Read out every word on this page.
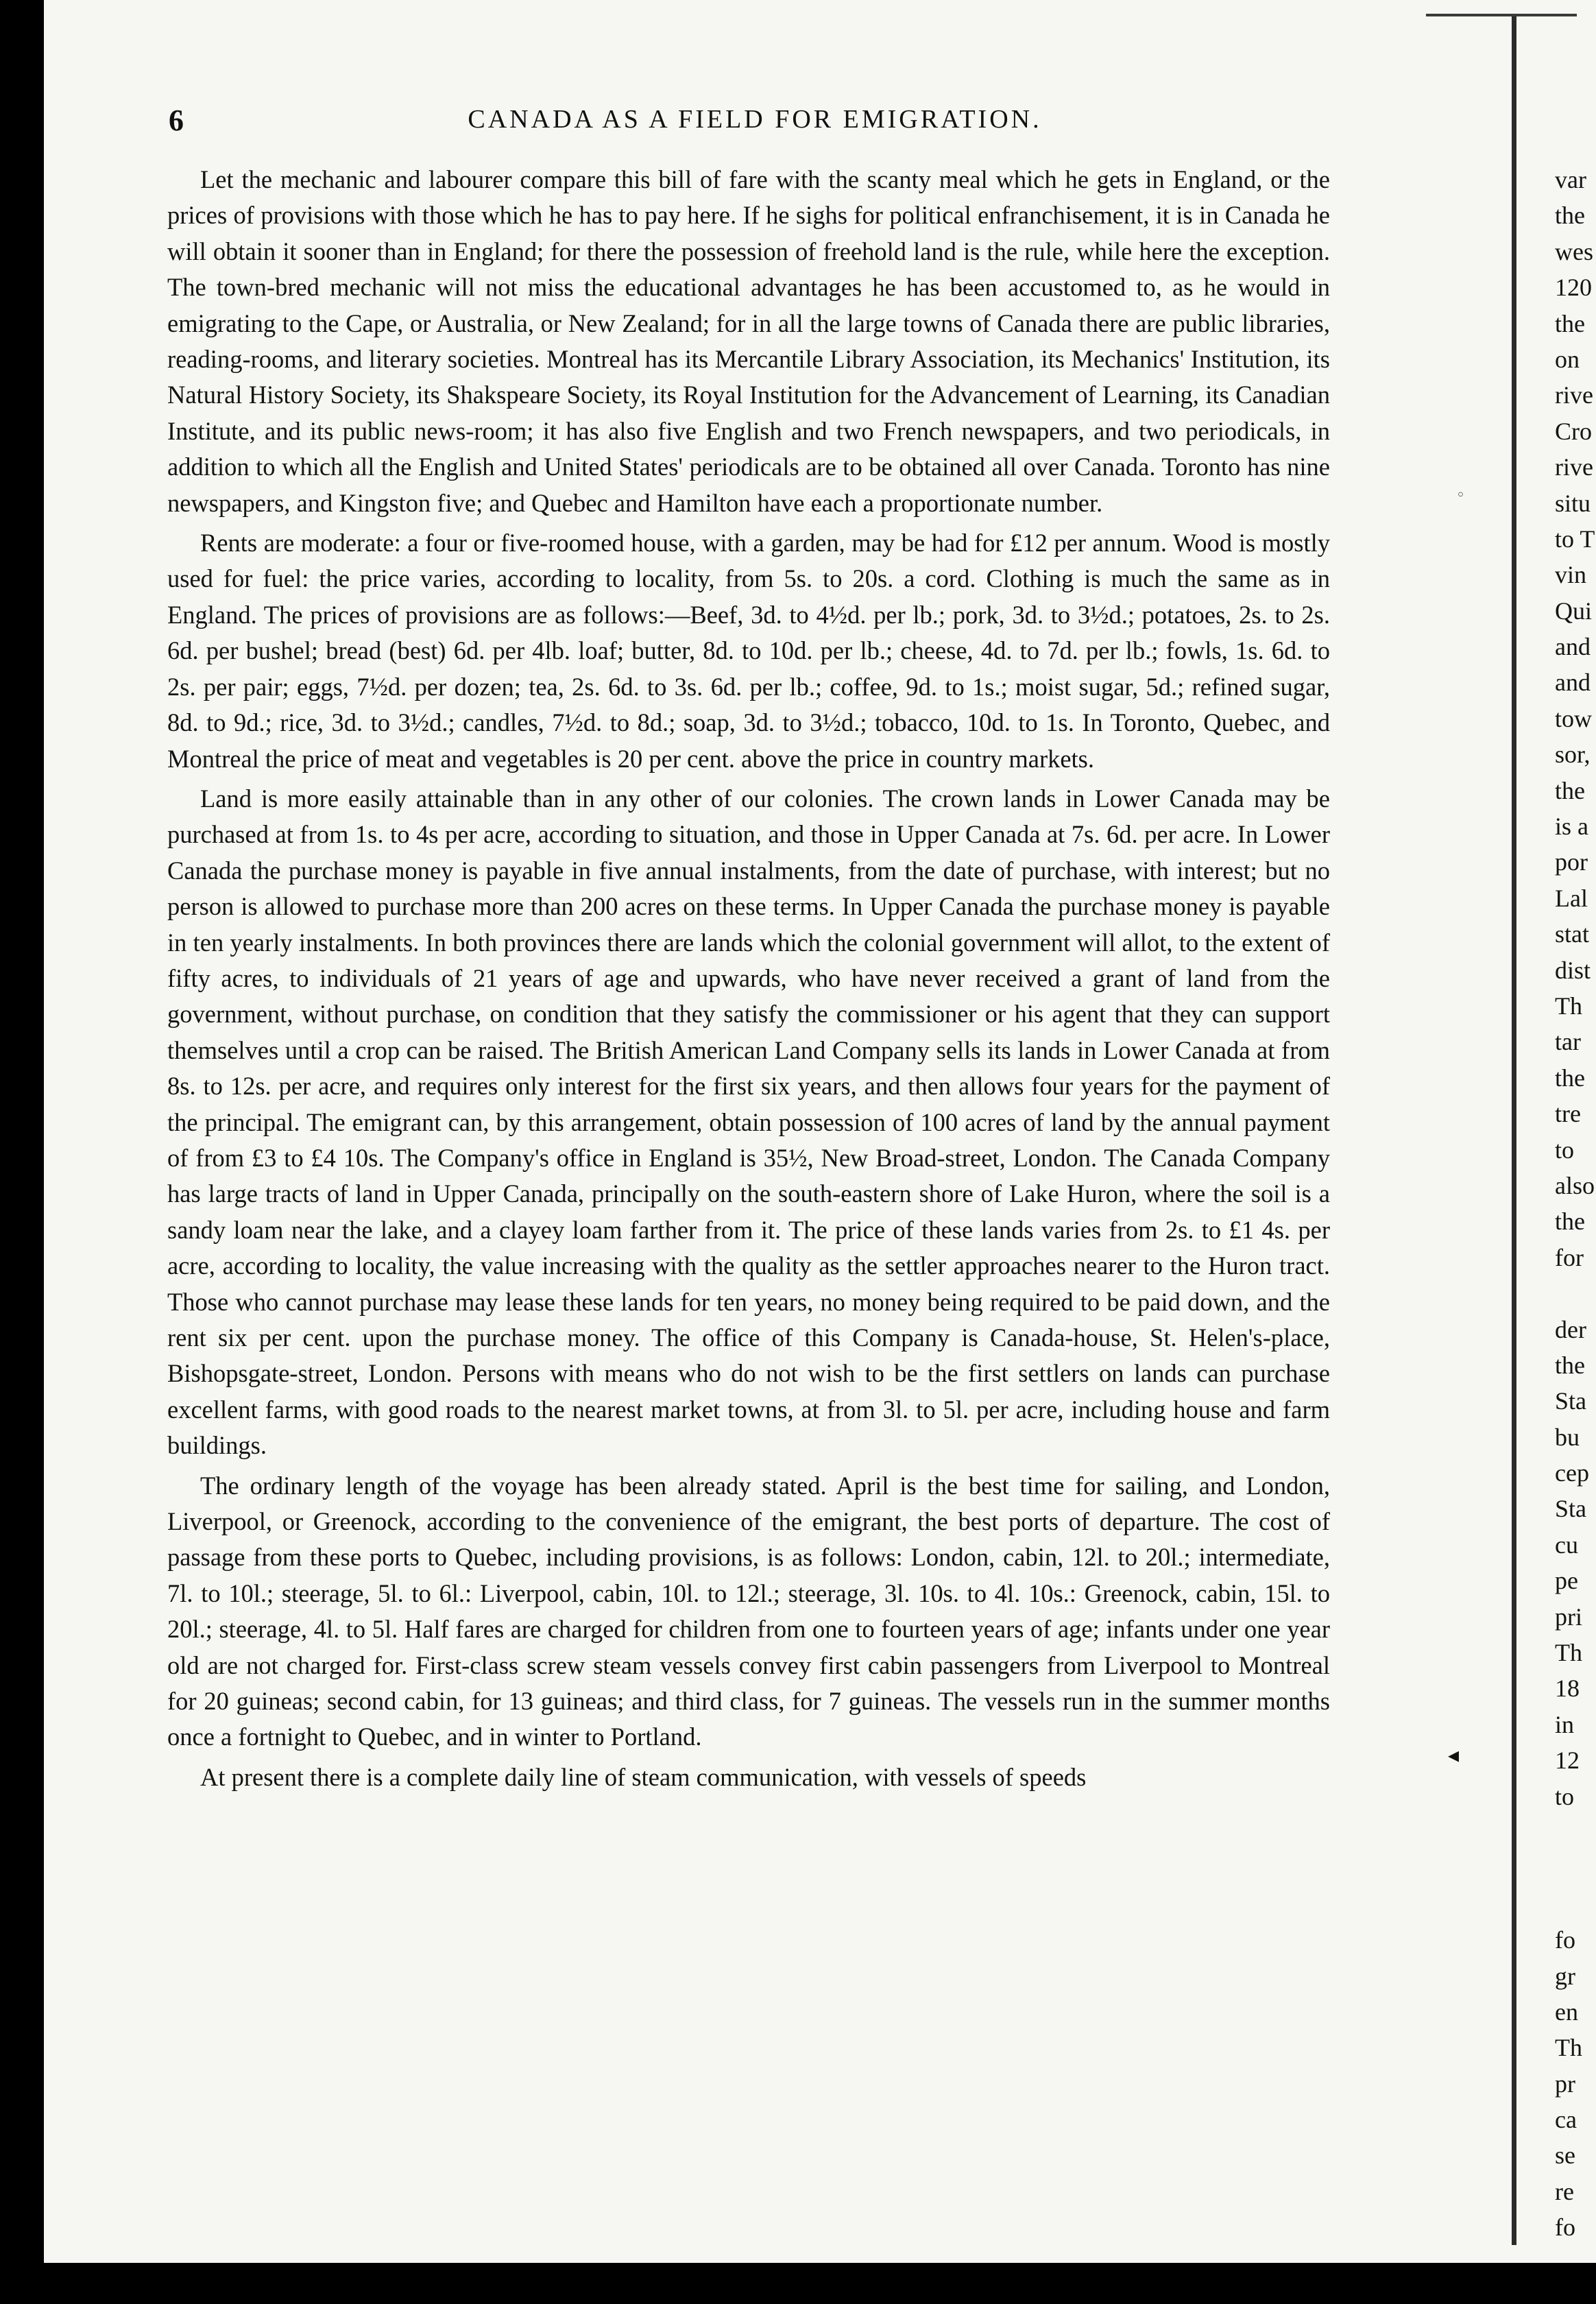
6	CANADA AS A FIELD FOR EMIGRATION.

Let the mechanic and labourer compare this bill of fare with the scanty meal which he gets in England, or the prices of provisions with those which he has to pay here. If he sighs for political enfranchisement, it is in Canada he will obtain it sooner than in England; for there the possession of freehold land is the rule, while here the exception. The town-bred mechanic will not miss the educational advantages he has been accustomed to, as he would in emigrating to the Cape, or Australia, or New Zealand; for in all the large towns of Canada there are public libraries, reading-rooms, and literary societies. Montreal has its Mercantile Library Association, its Mechanics' Institution, its Natural History Society, its Shakspeare Society, its Royal Institution for the Advancement of Learning, its Canadian Institute, and its public news-room; it has also five English and two French newspapers, and two periodicals, in addition to which all the English and United States' periodicals are to be obtained all over Canada. Toronto has nine newspapers, and Kingston five; and Quebec and Hamilton have each a proportionate number.

Rents are moderate: a four or five-roomed house, with a garden, may be had for £12 per annum. Wood is mostly used for fuel: the price varies, according to locality, from 5s. to 20s. a cord. Clothing is much the same as in England. The prices of provisions are as follows:—Beef, 3d. to 4½d. per lb.; pork, 3d. to 3½d.; potatoes, 2s. to 2s. 6d. per bushel; bread (best) 6d. per 4lb. loaf; butter, 8d. to 10d. per lb.; cheese, 4d. to 7d. per lb.; fowls, 1s. 6d. to 2s. per pair; eggs, 7½d. per dozen; tea, 2s. 6d. to 3s. 6d. per lb.; coffee, 9d. to 1s.; moist sugar, 5d.; refined sugar, 8d. to 9d.; rice, 3d. to 3½d.; candles, 7½d. to 8d.; soap, 3d. to 3½d.; tobacco, 10d. to 1s. In Toronto, Quebec, and Montreal the price of meat and vegetables is 20 per cent. above the price in country markets.

Land is more easily attainable than in any other of our colonies. The crown lands in Lower Canada may be purchased at from 1s. to 4s per acre, according to situation, and those in Upper Canada at 7s. 6d. per acre. In Lower Canada the purchase money is payable in five annual instalments, from the date of purchase, with interest; but no person is allowed to purchase more than 200 acres on these terms. In Upper Canada the purchase money is payable in ten yearly instalments. In both provinces there are lands which the colonial government will allot, to the extent of fifty acres, to individuals of 21 years of age and upwards, who have never received a grant of land from the government, without purchase, on condition that they satisfy the commissioner or his agent that they can support themselves until a crop can be raised. The British American Land Company sells its lands in Lower Canada at from 8s. to 12s. per acre, and requires only interest for the first six years, and then allows four years for the payment of the principal. The emigrant can, by this arrangement, obtain possession of 100 acres of land by the annual payment of from £3 to £4 10s. The Company's office in England is 35½, New Broad-street, London. The Canada Company has large tracts of land in Upper Canada, principally on the south-eastern shore of Lake Huron, where the soil is a sandy loam near the lake, and a clayey loam farther from it. The price of these lands varies from 2s. to £1 4s. per acre, according to locality, the value increasing with the quality as the settler approaches nearer to the Huron tract. Those who cannot purchase may lease these lands for ten years, no money being required to be paid down, and the rent six per cent. upon the purchase money. The office of this Company is Canada-house, St. Helen's-place, Bishopsgate-street, London. Persons with means who do not wish to be the first settlers on lands can purchase excellent farms, with good roads to the nearest market towns, at from 3l. to 5l. per acre, including house and farm buildings.

The ordinary length of the voyage has been already stated. April is the best time for sailing, and London, Liverpool, or Greenock, according to the convenience of the emigrant, the best ports of departure. The cost of passage from these ports to Quebec, including provisions, is as follows: London, cabin, 12l. to 20l.; intermediate, 7l. to 10l.; steerage, 5l. to 6l.: Liverpool, cabin, 10l. to 12l.; steerage, 3l. 10s. to 4l. 10s.: Greenock, cabin, 15l. to 20l.; steerage, 4l. to 5l. Half fares are charged for children from one to fourteen years of age; infants under one year old are not charged for. First-class screw steam vessels convey first cabin passengers from Liverpool to Montreal for 20 guineas; second cabin, for 13 guineas; and third class, for 7 guineas. The vessels run in the summer months once a fortnight to Quebec, and in winter to Portland.

At present there is a complete daily line of steam communication, with vessels of speeds

var
the
wes
120
the
on
rive
Cro
rive
situ
to T
vin
Qui
and
and
tow
sor,
the
is a
por
Lal
stat
dist
Th
tar
the
tre
to
also
the
for
der
the
Sta
bu
cep
Sta
cu
pe
pri
Th
18
in
12
to
fo
gr
en
Th
pr
ca
se
re
fo
◦
◂
